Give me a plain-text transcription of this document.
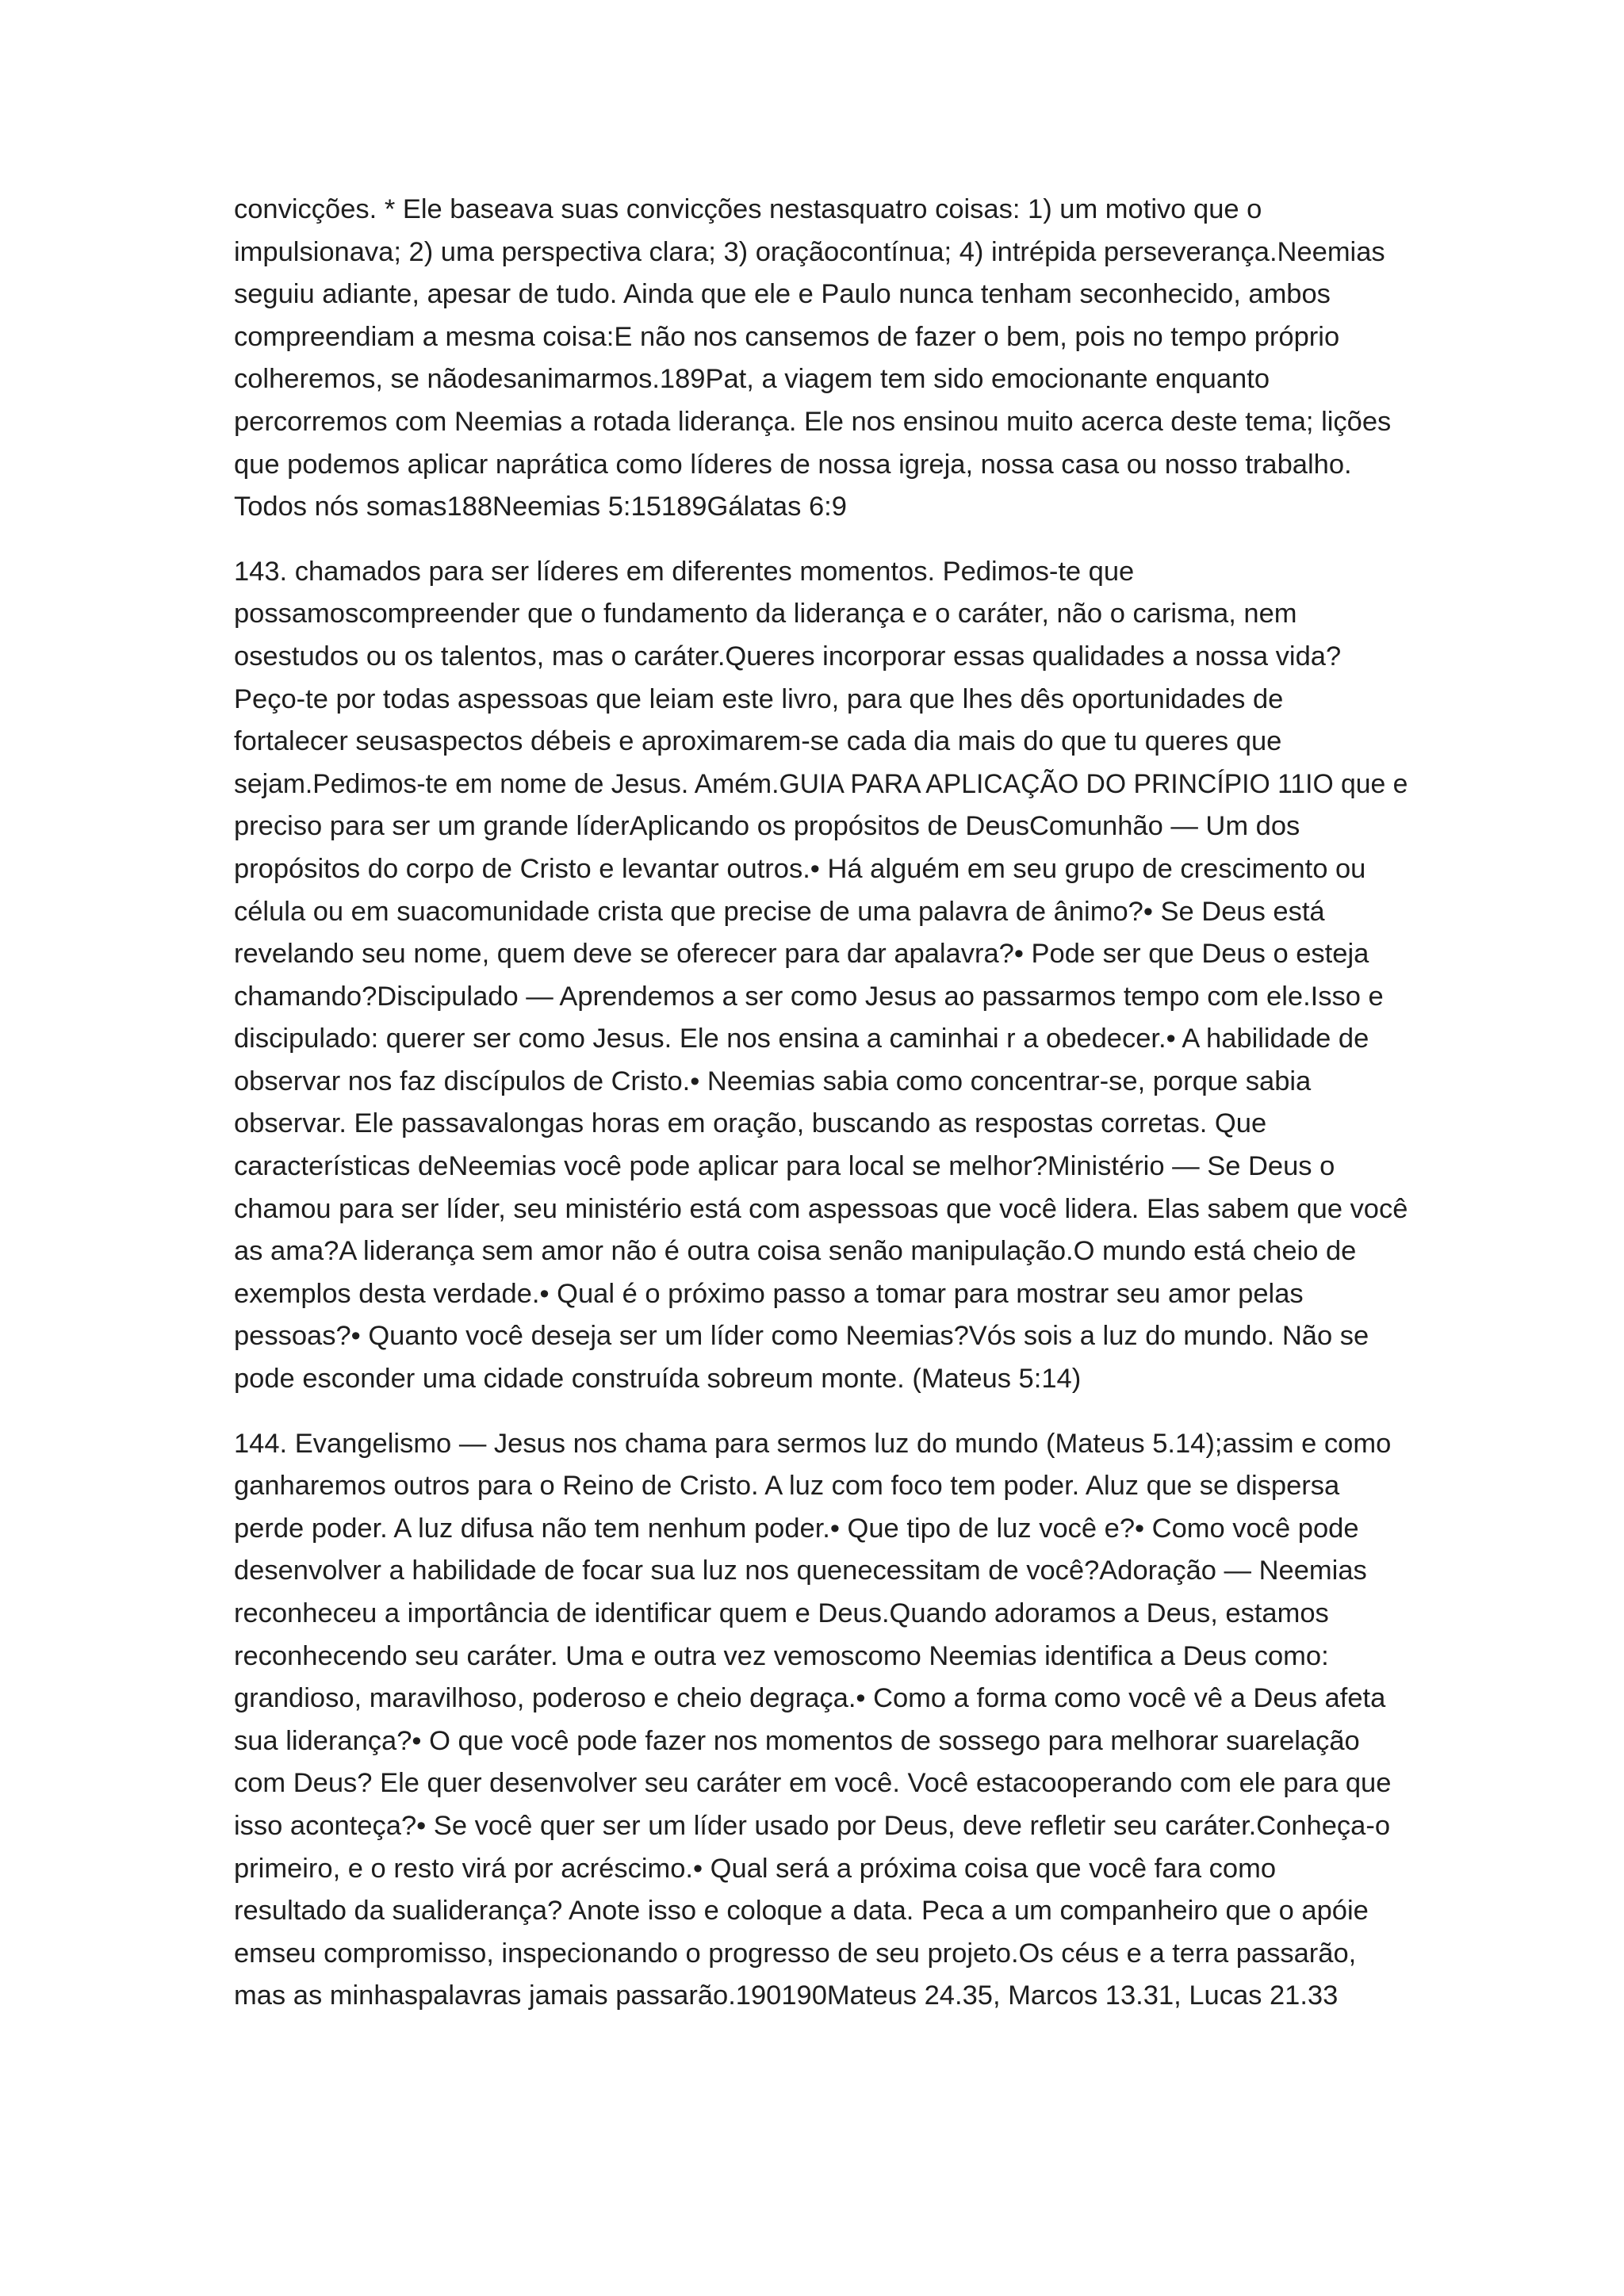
convicções. * Ele baseava suas convicções nestasquatro coisas: 1) um motivo que o
impulsionava; 2) uma perspectiva clara; 3) oraçãocontínua; 4) intrépida perseverança.Neemias
seguiu adiante, apesar de tudo. Ainda que ele e Paulo nunca tenham seconhecido, ambos
compreendiam a mesma coisa:E não nos cansemos de fazer o bem, pois no tempo próprio
colheremos, se nãodesanimarmos.189Pat, a viagem tem sido emocionante enquanto
percorremos com Neemias a rotada liderança. Ele nos ensinou muito acerca deste tema; lições
que podemos aplicar naprática como líderes de nossa igreja, nossa casa ou nosso trabalho.
Todos nós somas188Neemias 5:15189Gálatas 6:9

143. chamados para ser líderes em diferentes momentos. Pedimos-te que
possamoscompreender que o fundamento da liderança e o caráter, não o carisma, nem
osestudos ou os talentos, mas o caráter.Queres incorporar essas qualidades a nossa vida?
Peço-te por todas aspessoas que leiam este livro, para que lhes dês oportunidades de
fortalecer seusaspectos débeis e aproximarem-se cada dia mais do que tu queres que
sejam.Pedimos-te em nome de Jesus. Amém.GUIA PARA APLICAÇÃO DO PRINCÍPIO 11IO que e
preciso para ser um grande líderAplicando os propósitos de DeusComunhão — Um dos
propósitos do corpo de Cristo e levantar outros.• Há alguém em seu grupo de crescimento ou
célula ou em suacomunidade crista que precise de uma palavra de ânimo?• Se Deus está
revelando seu nome, quem deve se oferecer para dar apalavra?• Pode ser que Deus o esteja
chamando?Discipulado — Aprendemos a ser como Jesus ao passarmos tempo com ele.Isso e
discipulado: querer ser como Jesus. Ele nos ensina a caminhai r a obedecer.• A habilidade de
observar nos faz discípulos de Cristo.• Neemias sabia como concentrar-se, porque sabia
observar. Ele passavalongas horas em oração, buscando as respostas corretas. Que
características deNeemias você pode aplicar para local se melhor?Ministério — Se Deus o
chamou para ser líder, seu ministério está com aspessoas que você lidera. Elas sabem que você
as ama?A liderança sem amor não é outra coisa senão manipulação.O mundo está cheio de
exemplos desta verdade.• Qual é o próximo passo a tomar para mostrar seu amor pelas
pessoas?• Quanto você deseja ser um líder como Neemias?Vós sois a luz do mundo. Não se
pode esconder uma cidade construída sobreum monte. (Mateus 5:14)

144. Evangelismo — Jesus nos chama para sermos luz do mundo (Mateus 5.14);assim e como
ganharemos outros para o Reino de Cristo. A luz com foco tem poder. Aluz que se dispersa
perde poder. A luz difusa não tem nenhum poder.• Que tipo de luz você e?• Como você pode
desenvolver a habilidade de focar sua luz nos quenecessitam de você?Adoração — Neemias
reconheceu a importância de identificar quem e Deus.Quando adoramos a Deus, estamos
reconhecendo seu caráter. Uma e outra vez vemoscomo Neemias identifica a Deus como:
grandioso, maravilhoso, poderoso e cheio degraça.• Como a forma como você vê a Deus afeta
sua liderança?• O que você pode fazer nos momentos de sossego para melhorar suarelação
com Deus? Ele quer desenvolver seu caráter em você. Você estacooperando com ele para que
isso aconteça?• Se você quer ser um líder usado por Deus, deve refletir seu caráter.Conheça-o
primeiro, e o resto virá por acréscimo.• Qual será a próxima coisa que você fara como
resultado da sualiderança? Anote isso e coloque a data. Peca a um companheiro que o apóie
emseu compromisso, inspecionando o progresso de seu projeto.Os céus e a terra passarão,
mas as minhaspalavras jamais passarão.190190Mateus 24.35, Marcos 13.31, Lucas 21.33
